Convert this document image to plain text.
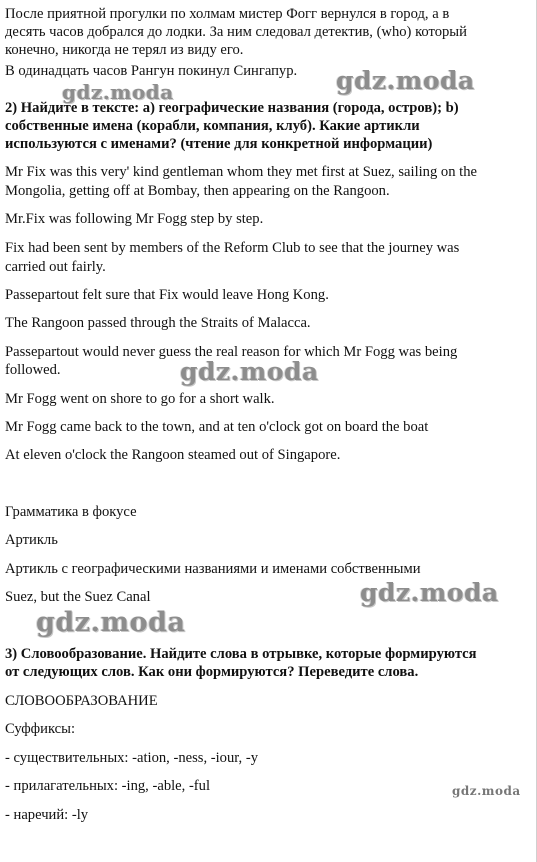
После приятной прогулки по холмам мистер Фогг вернулся в город, а в
десять часов добрался до лодки. За ним следовал детектив, (who) который
конечно, никогда не терял из виду его.
В одинадцать часов Рангун покинул Сингапур.
2) Найдите в тексте: а) географические названия (города, остров); b)
собственные имена (корабли, компания, клуб). Какие артикли
используются с именами? (чтение для конкретной информации)
Mr Fix was this very' kind gentleman whom they met first at Suez, sailing on the
Mongolia, getting off at Bombay, then appearing on the Rangoon.
Mr.Fix was following Mr Fogg step by step.
Fix had been sent by members of the Reform Club to see that the journey was
carried out fairly.
Passepartout felt sure that Fix would leave Hong Kong.
The Rangoon passed through the Straits of Malacca.
Passepartout would never guess the real reason for which Mr Fogg was being
followed.
Mr Fogg went on shore to go for a short walk.
Mr Fogg came back to the town, and at ten o'clock got on board the boat
At eleven o'clock the Rangoon steamed out of Singapore.
Грамматика в фокусе
Артикль
Артикль с географическими названиями и именами собственными
Suez, but the Suez Canal
3) Словообразование. Найдите слова в отрывке, которые формируются
от следующих слов. Как они формируются? Переведите слова.
СЛОВООБРАЗОВАНИЕ
Суффиксы:
- существительных: -ation, -ness, -iour, -y
- прилагательных: -ing, -able, -ful
- наречий: -ly
gdz.moda
gdz.moda
gdz.moda
gdz.moda
gdz.moda
gdz.moda
